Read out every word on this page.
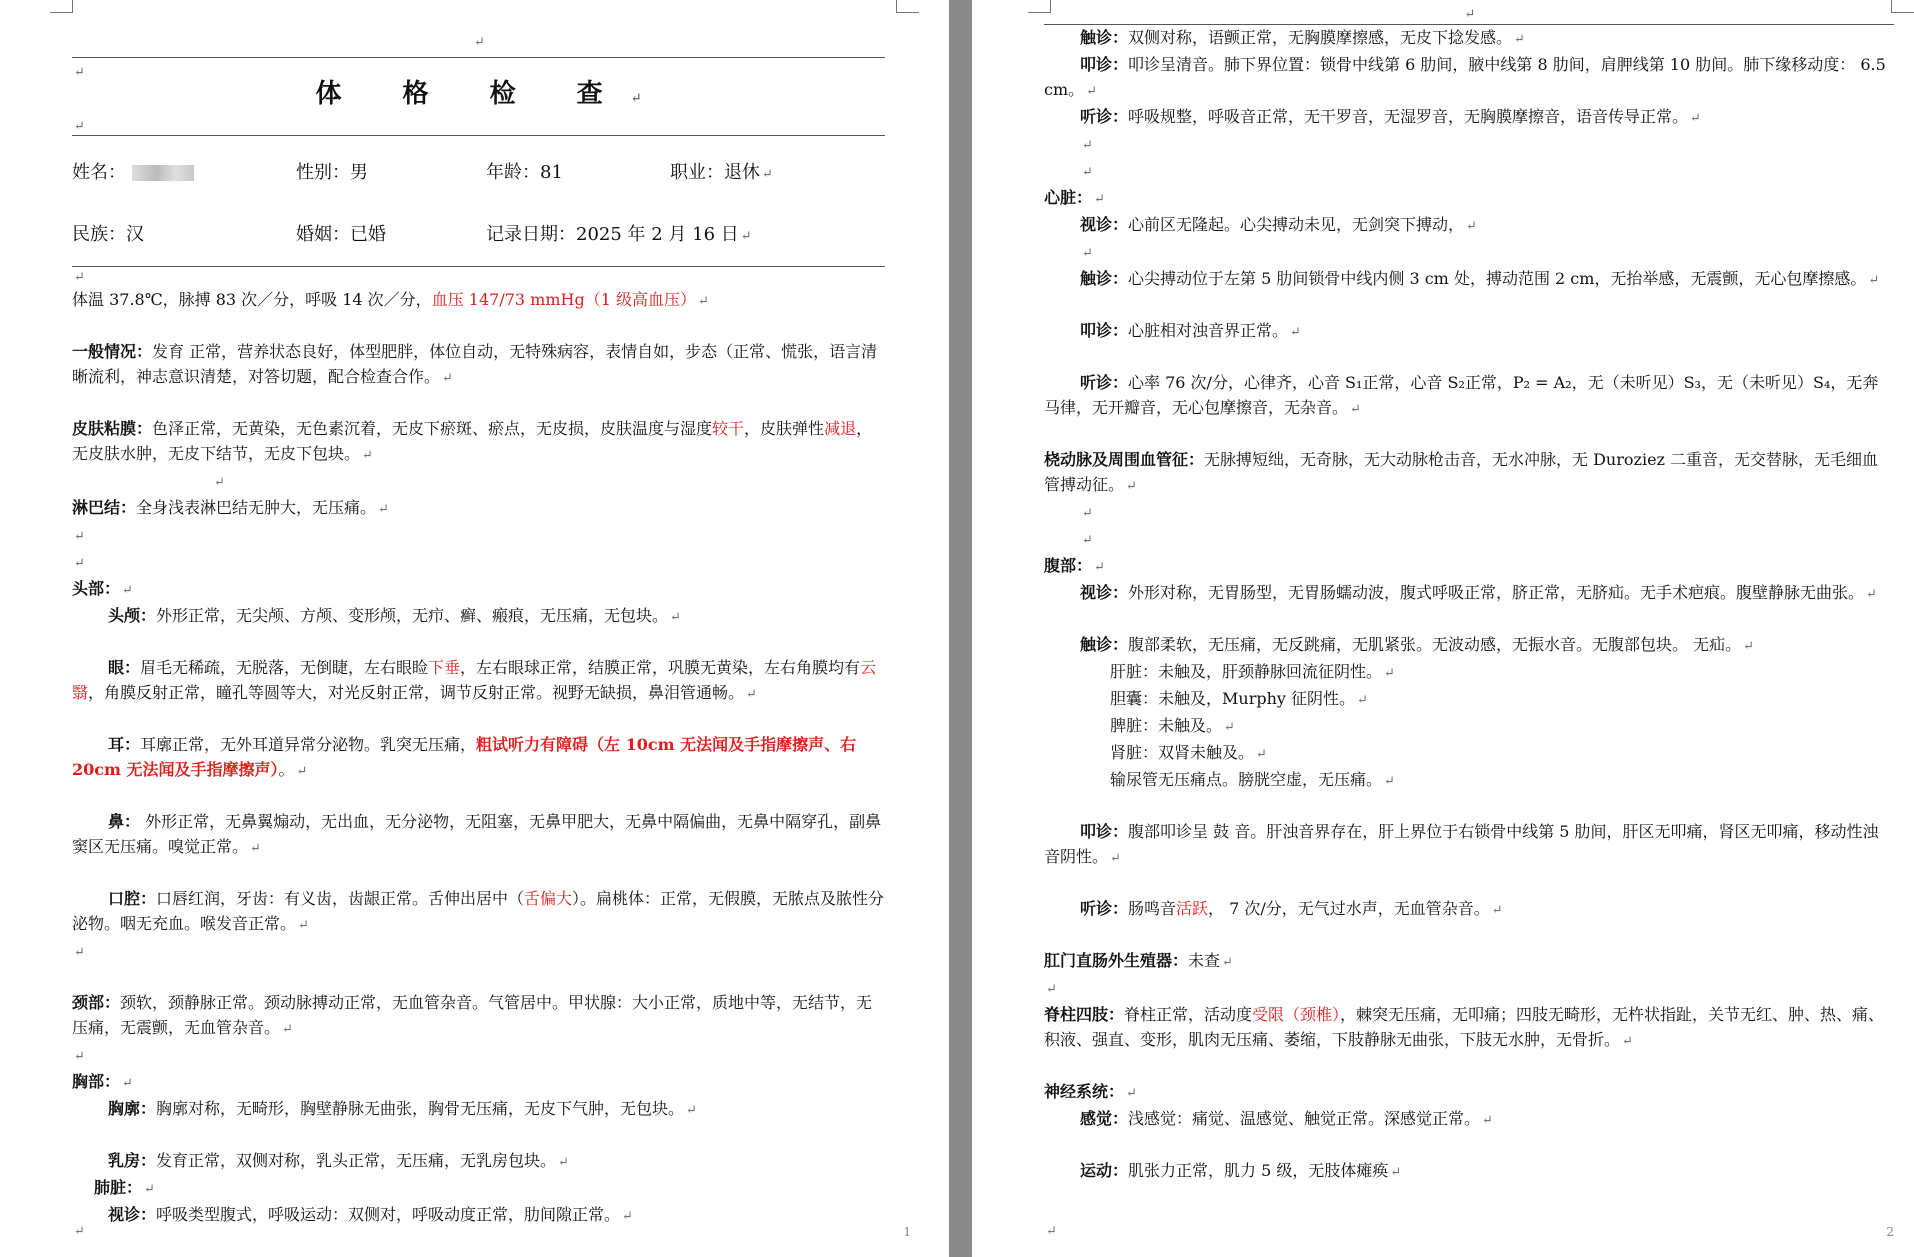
↵
↵
体 格 检 查 ↵
↵
姓名：	性别：男	年龄：81	职业：退休 ↵
民族：汉	婚姻：已婚	记录日期：2025 年 2 月 16 日 ↵
↵
体温 37.8℃，脉搏 83 次／分，呼吸 14 次／分，血压 147/73 mmHg（1 级高血压） ↵
一般情况：发育 正常，营养状态良好，体型肥胖，体位自动，无特殊病容，表情自如，步态（正常、慌张，语言清晰流利，神志意识清楚，对答切题，配合检查合作。 ↵
皮肤粘膜：色泽正常，无黄染，无色素沉着，无皮下瘀斑、瘀点，无皮损，皮肤温度与湿度较干，皮肤弹性减退，无皮肤水肿，无皮下结节，无皮下包块。 ↵
↵
淋巴结：全身浅表淋巴结无肿大，无压痛。 ↵
↵
↵
头部： ↵
头颅：外形正常，无尖颅、方颅、变形颅，无疖、癣、瘢痕，无压痛，无包块。 ↵
眼：眉毛无稀疏，无脱落，无倒睫，左右眼睑下垂，左右眼球正常，结膜正常，巩膜无黄染，左右角膜均有云翳，角膜反射正常，瞳孔等圆等大，对光反射正常，调节反射正常。视野无缺损，鼻泪管通畅。 ↵
耳：耳廓正常，无外耳道异常分泌物。乳突无压痛，粗试听力有障碍（左 10cm 无法闻及手指摩擦声、右 20cm 无法闻及手指摩擦声）。 ↵
鼻： 外形正常，无鼻翼煽动，无出血，无分泌物，无阻塞，无鼻甲肥大，无鼻中隔偏曲，无鼻中隔穿孔，副鼻窦区无压痛。嗅觉正常。 ↵
口腔：口唇红润，牙齿：有义齿，齿龈正常。舌伸出居中（舌偏大）。扁桃体：正常，无假膜，无脓点及脓性分泌物。咽无充血。喉发音正常。 ↵
↵
颈部：颈软，颈静脉正常。颈动脉搏动正常，无血管杂音。气管居中。甲状腺：大小正常，质地中等，无结节，无压痛，无震颤，无血管杂音。 ↵
↵
胸部： ↵
胸廓：胸廓对称，无畸形，胸壁静脉无曲张，胸骨无压痛，无皮下气肿，无包块。 ↵
乳房：发育正常，双侧对称，乳头正常，无压痛，无乳房包块。 ↵
肺脏： ↵
视诊：呼吸类型腹式，呼吸运动：双侧对，呼吸动度正常，肋间隙正常。 ↵
↵	1
↵
触诊：双侧对称，语颤正常，无胸膜摩擦感，无皮下捻发感。 ↵
叩诊：叩诊呈清音。肺下界位置：锁骨中线第 6 肋间，腋中线第 8 肋间，肩胛线第 10 肋间。肺下缘移动度： 6.5 cm。 ↵
听诊：呼吸规整，呼吸音正常，无干罗音，无湿罗音，无胸膜摩擦音，语音传导正常。 ↵
↵
↵
心脏： ↵
视诊：心前区无隆起。心尖搏动未见，无剑突下搏动， ↵
↵
触诊：心尖搏动位于左第 5 肋间锁骨中线内侧 3 cm 处，搏动范围 2 cm，无抬举感，无震颤，无心包摩擦感。 ↵
叩诊：心脏相对浊音界正常。 ↵
听诊：心率 76 次/分，心律齐，心音 S₁正常，心音 S₂正常，P₂ = A₂，无（未听见）S₃，无（未听见）S₄，无奔马律，无开瓣音，无心包摩擦音，无杂音。 ↵
桡动脉及周围血管征：无脉搏短绌，无奇脉，无大动脉枪击音，无水冲脉，无 Duroziez 二重音，无交替脉，无毛细血管搏动征。 ↵
↵
↵
腹部： ↵
视诊：外形对称，无胃肠型，无胃肠蠕动波，腹式呼吸正常，脐正常，无脐疝。无手术疤痕。腹壁静脉无曲张。 ↵
触诊：腹部柔软，无压痛，无反跳痛，无肌紧张。无波动感，无振水音。无腹部包块。 无疝。 ↵
肝脏：未触及，肝颈静脉回流征阴性。 ↵
胆囊：未触及，Murphy 征阴性。 ↵
脾脏：未触及。 ↵
肾脏：双肾未触及。 ↵
输尿管无压痛点。膀胱空虚，无压痛。 ↵
叩诊：腹部叩诊呈 鼓 音。肝浊音界存在，肝上界位于右锁骨中线第 5 肋间，肝区无叩痛，肾区无叩痛，移动性浊音阴性。 ↵
听诊：肠鸣音活跃， 7 次/分，无气过水声，无血管杂音。 ↵
肛门直肠外生殖器：未查 ↵
↵
脊柱四肢：脊柱正常，活动度受限（颈椎），棘突无压痛，无叩痛；四肢无畸形，无杵状指趾，关节无红、肿、热、痛、积液、强直、变形，肌肉无压痛、萎缩，下肢静脉无曲张，下肢无水肿，无骨折。 ↵
神经系统： ↵
感觉：浅感觉：痛觉、温感觉、触觉正常。深感觉正常。 ↵
运动：肌张力正常，肌力 5 级，无肢体瘫痪 ↵
↵	2
